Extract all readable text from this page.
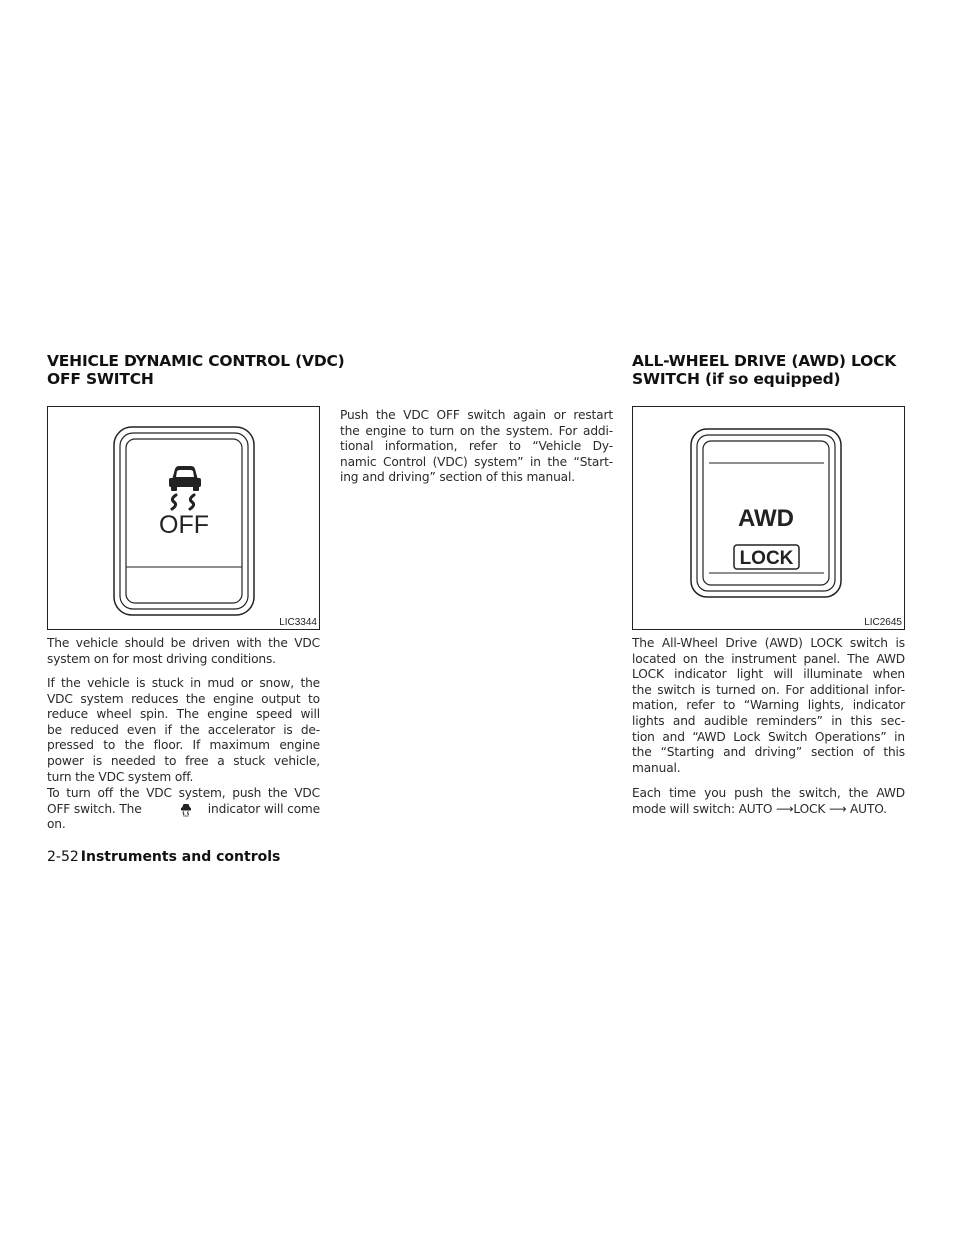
VEHICLE DYNAMIC CONTROL (VDC)
OFF SWITCH
ALL-WHEEL DRIVE (AWD) LOCK
SWITCH (if so equipped)
OFF
LIC3344
AWD
LOCK
LIC2645
The vehicle should be driven with the VDC
system on for most driving conditions.
If the vehicle is stuck in mud or snow, the
VDC system reduces the engine output to
reduce wheel spin. The engine speed will
be reduced even if the accelerator is de-
pressed to the floor. If maximum engine
power is needed to free a stuck vehicle,
turn the VDC system off.
To turn off the VDC system, push the VDC
OFF switch. The	OFF indicator will come
on.
Push the VDC OFF switch again or restart
the engine to turn on the system. For addi-
tional information, refer to “Vehicle Dy-
namic Control (VDC) system” in the “Start-
ing and driving” section of this manual.
The All-Wheel Drive (AWD) LOCK switch is
located on the instrument panel. The AWD
LOCK indicator light will illuminate when
the switch is turned on. For additional infor-
mation, refer to “Warning lights, indicator
lights and audible reminders” in this sec-
tion and “AWD Lock Switch Operations” in
the “Starting and driving” section of this
manual.
Each time you push the switch, the AWD
mode will switch: AUTO ⟶LOCK ⟶ AUTO.
2-52 Instruments and controls
